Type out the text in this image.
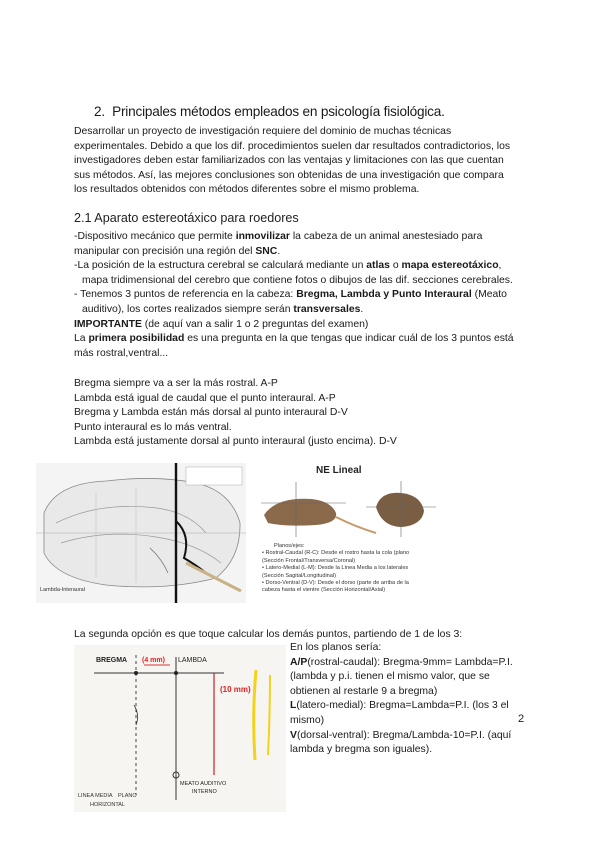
2. Principales métodos empleados en psicología fisiológica.
Desarrollar un proyecto de investigación requiere del dominio de muchas técnicas
experimentales. Debido a que los dif. procedimientos suelen dar resultados contradictorios, los
investigadores deben estar familiarizados con las ventajas y limitaciones con las que cuentan
sus métodos. Así, las mejores conclusiones son obtenidas de una investigación que compara
los resultados obtenidos con métodos diferentes sobre el mismo problema.
2.1 Aparato estereotáxico para roedores
-Dispositivo mecánico que permite inmovilizar la cabeza de un animal anestesiado para
manipular con precisión una región del SNC.
-La posición de la estructura cerebral se calculará mediante un atlas o mapa estereotáxico,
mapa tridimensional del cerebro que contiene fotos o dibujos de las dif. secciones cerebrales.
- Tenemos 3 puntos de referencia en la cabeza: Bregma, Lambda y Punto Interaural (Meato
auditivo), los cortes realizados siempre serán transversales.
IMPORTANTE (de aquí van a salir 1 o 2 preguntas del examen)
La primera posibilidad es una pregunta en la que tengas que indicar cuál de los 3 puntos está
más rostral,ventral...
Bregma siempre va a ser la más rostral. A-P
Lambda está igual de caudal que el punto interaural. A-P
Bregma y Lambda están más dorsal al punto interaural D-V
Punto interaural es lo más ventral.
Lambda está justamente dorsal al punto interaural (justo encima). D-V
Lambda-Interaural
NE Lineal
Planos/ejes:
• Rostral-Caudal (R-C): Desde el rostro hasta la cola (plano
(Sección Frontal/Transversa/Coronal)
• Latero-Medial (L-M): Desde la Línea Media a los laterales
(Sección Sagital/Longitudinal)
• Dorso-Ventral (D-V): Desde el dorso (parte de arriba de la
cabeza hasta el vientre (Sección Horizontal/Axial)
La segunda opción es que toque calcular los demás puntos, partiendo de 1 de los 3:
BREGMA (4 mm) LAMBDA
(10 mm)
MEATO AUDITIVO
INTERNO
LINEA MEDIA PLANO
HORIZONTAL
En los planos sería:
A/P(rostral-caudal): Bregma-9mm= Lambda=P.I.
(lambda y p.i. tienen el mismo valor, que se
obtienen al restarle 9 a bregma)
L(latero-medial): Bregma=Lambda=P.I. (los 3 el
mismo)
V(dorsal-ventral): Bregma/Lambda-10=P.I. (aquí
lambda y bregma son iguales).
2
